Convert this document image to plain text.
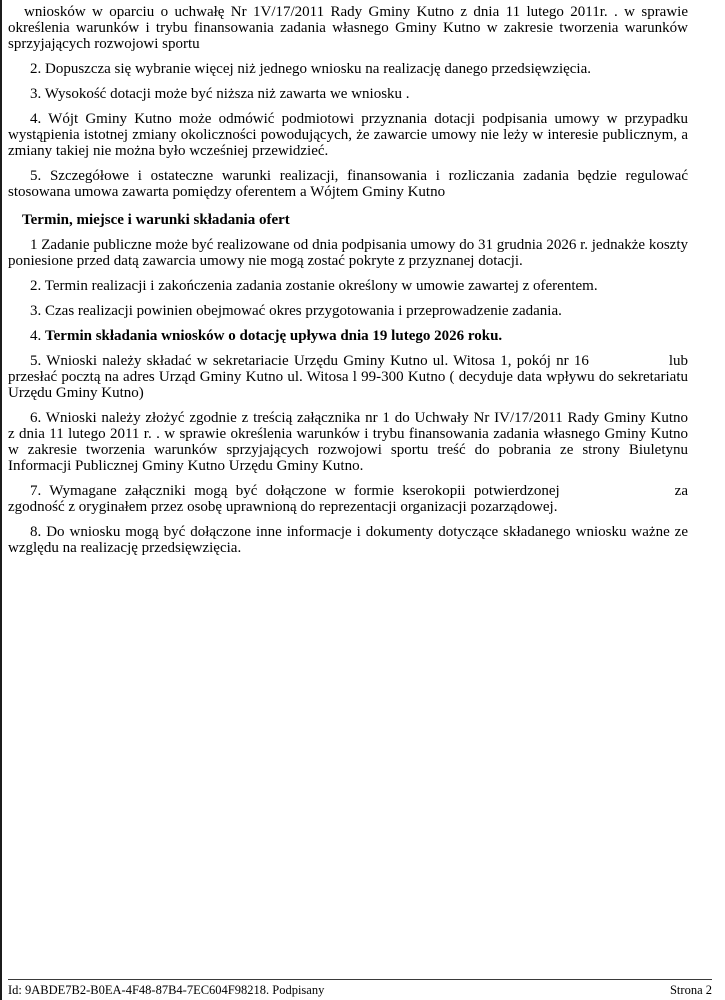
wniosków w oparciu o uchwałę Nr 1V/17/2011 Rady Gminy Kutno z dnia 11 lutego 2011r. . w sprawie określenia warunków i trybu finansowania zadania własnego Gminy Kutno w zakresie tworzenia warunków sprzyjających rozwojowi sportu

2. Dopuszcza się wybranie więcej niż jednego wniosku na realizację danego przedsięwzięcia.

3. Wysokość dotacji może być niższa niż zawarta we wniosku .

4. Wójt Gminy Kutno może odmówić podmiotowi przyznania dotacji podpisania umowy w przypadku wystąpienia istotnej zmiany okoliczności powodujących, że zawarcie umowy nie leży w interesie publicznym, a zmiany takiej nie można było wcześniej przewidzieć.

5. Szczegółowe i ostateczne warunki realizacji, finansowania i rozliczania zadania będzie regulować stosowana umowa zawarta pomiędzy oferentem a Wójtem Gminy Kutno

Termin, miejsce i warunki składania ofert

1 Zadanie publiczne może być realizowane od dnia podpisania umowy do 31 grudnia 2026 r. jednakże koszty poniesione przed datą zawarcia umowy nie mogą zostać pokryte z przyznanej dotacji.

2. Termin realizacji i zakończenia zadania zostanie określony w umowie zawartej z oferentem.

3. Czas realizacji powinien obejmować okres przygotowania i przeprowadzenie zadania.

4. Termin składania wniosków o dotację upływa dnia 19 lutego 2026 roku.

5. Wnioski należy składać w sekretariacie Urzędu Gminy Kutno ul. Witosa 1, pokój nr 16	lub przesłać pocztą na adres Urząd Gminy Kutno ul. Witosa l 99-300 Kutno ( decyduje data wpływu do sekretariatu Urzędu Gminy Kutno)

6. Wnioski należy złożyć zgodnie z treścią załącznika nr 1 do Uchwały Nr IV/17/2011 Rady Gminy Kutno z dnia 11 lutego 2011 r. . w sprawie określenia warunków i trybu finansowania zadania własnego Gminy Kutno w zakresie tworzenia warunków sprzyjających rozwojowi sportu treść do pobrania ze strony Biuletynu Informacji Publicznej Gminy Kutno Urzędu Gminy Kutno.

7. Wymagane załączniki mogą być dołączone w formie kserokopii potwierdzonej	za zgodność z oryginałem przez osobę uprawnioną do reprezentacji organizacji pozarządowej.

8. Do wniosku mogą być dołączone inne informacje i dokumenty dotyczące składanego wniosku ważne ze względu na realizację przedsięwzięcia.

Id: 9ABDE7B2-B0EA-4F48-87B4-7EC604F98218. Podpisany	Strona 2
